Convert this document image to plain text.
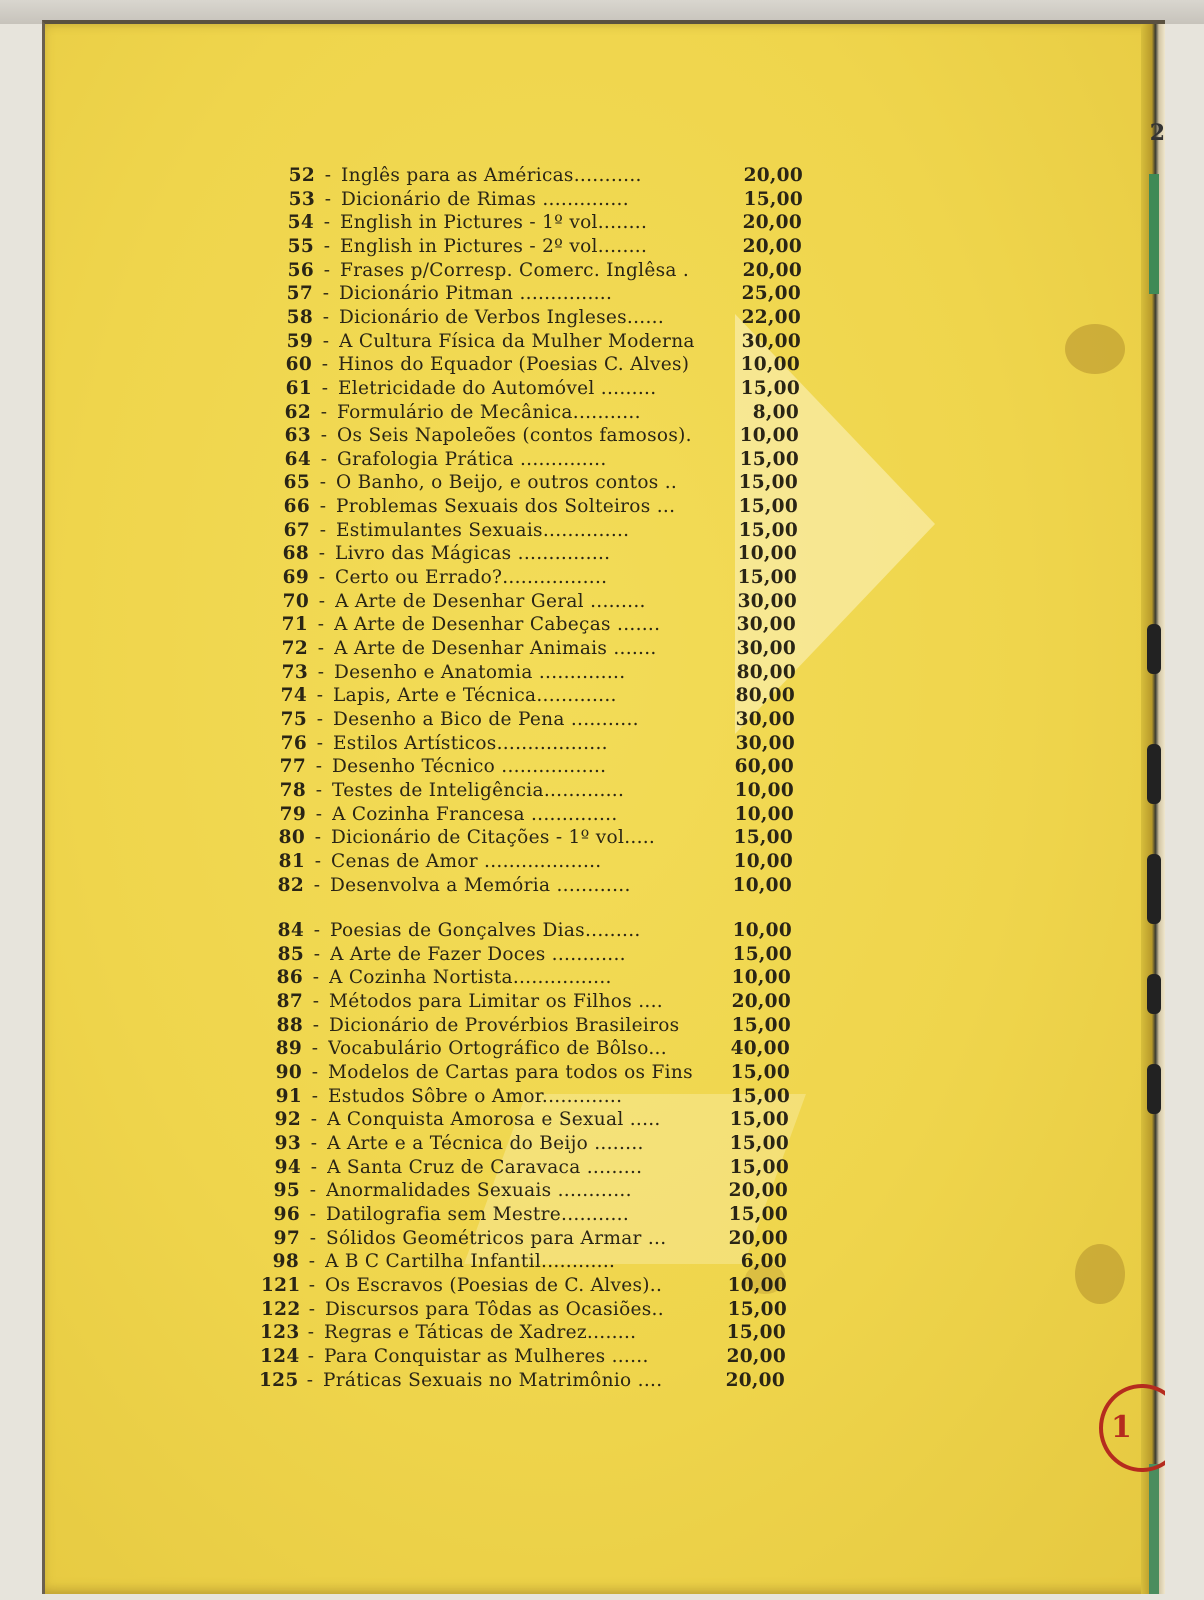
2
1
52 - Inglês para as Américas...........	20,00
53 - Dicionário de Rimas ..............	15,00
54 - English in Pictures - 1º vol........	20,00
55 - English in Pictures - 2º vol........	20,00
56 - Frases p/Corresp. Comerc. Inglêsa .	20,00
57 - Dicionário Pitman ...............	25,00
58 - Dicionário de Verbos Ingleses......	22,00
59 - A Cultura Física da Mulher Moderna	30,00
60 - Hinos do Equador (Poesias C. Alves)	10,00
61 - Eletricidade do Automóvel .........	15,00
62 - Formulário de Mecânica...........	8,00
63 - Os Seis Napoleões (contos famosos).	10,00
64 - Grafologia Prática ..............	15,00
65 - O Banho, o Beijo, e outros contos ..	15,00
66 - Problemas Sexuais dos Solteiros ...	15,00
67 - Estimulantes Sexuais..............	15,00
68 - Livro das Mágicas ...............	10,00
69 - Certo ou Errado?.................	15,00
70 - A Arte de Desenhar Geral .........	30,00
71 - A Arte de Desenhar Cabeças .......	30,00
72 - A Arte de Desenhar Animais .......	30,00
73 - Desenho e Anatomia ..............	80,00
74 - Lapis, Arte e Técnica.............	80,00
75 - Desenho a Bico de Pena ...........	30,00
76 - Estilos Artísticos..................	30,00
77 - Desenho Técnico .................	60,00
78 - Testes de Inteligência.............	10,00
79 - A Cozinha Francesa ..............	10,00
80 - Dicionário de Citações - 1º vol.....	15,00
81 - Cenas de Amor ...................	10,00
82 - Desenvolva a Memória ............	10,00
84 - Poesias de Gonçalves Dias.........	10,00
85 - A Arte de Fazer Doces ............	15,00
86 - A Cozinha Nortista................	10,00
87 - Métodos para Limitar os Filhos ....	20,00
88 - Dicionário de Provérbios Brasileiros	15,00
89 - Vocabulário Ortográfico de Bôlso...	40,00
90 - Modelos de Cartas para todos os Fins	15,00
91 - Estudos Sôbre o Amor.............	15,00
92 - A Conquista Amorosa e Sexual .....	15,00
93 - A Arte e a Técnica do Beijo ........	15,00
94 - A Santa Cruz de Caravaca .........	15,00
95 - Anormalidades Sexuais ............	20,00
96 - Datilografia sem Mestre...........	15,00
97 - Sólidos Geométricos para Armar ...	20,00
98 - A B C Cartilha Infantil............	6,00
121 - Os Escravos (Poesias de C. Alves)..	10,00
122 - Discursos para Tôdas as Ocasiões..	15,00
123 - Regras e Táticas de Xadrez........	15,00
124 - Para Conquistar as Mulheres ......	20,00
125 - Práticas Sexuais no Matrimônio ....	20,00
